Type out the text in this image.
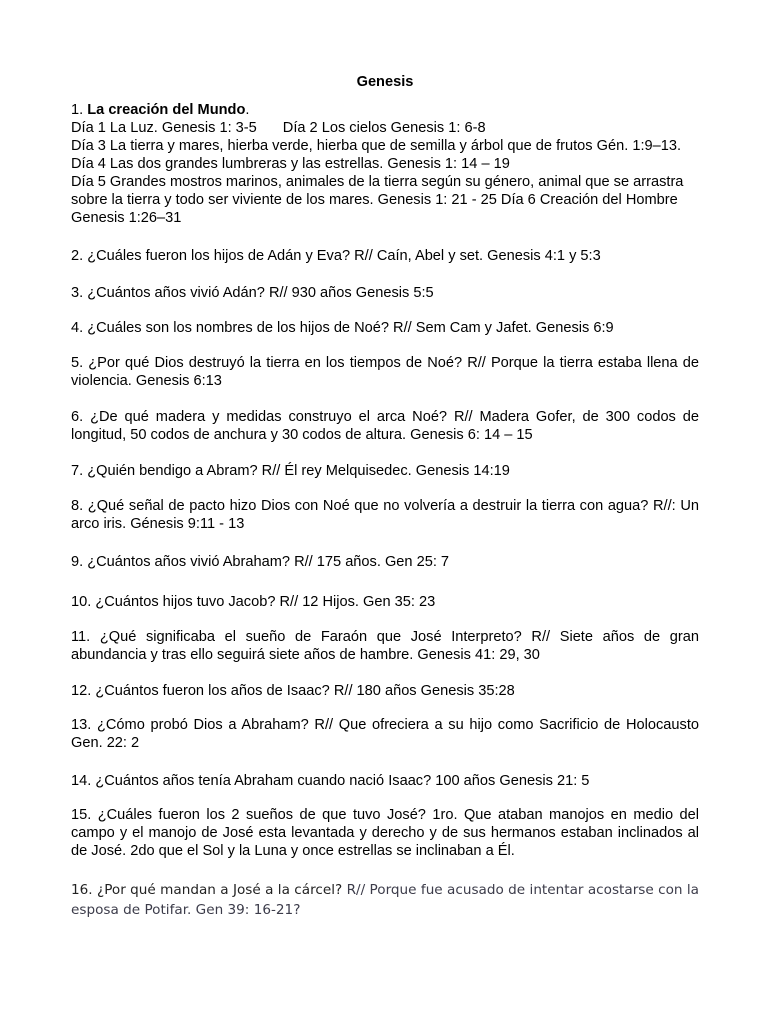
Genesis
1. La creación del Mundo.
Día 1 La Luz. Genesis 1: 3-5 Día 2 Los cielos Genesis 1: 6-8
Día 3 La tierra y mares, hierba verde, hierba que de semilla y árbol que de frutos Gén. 1:9–13.
Día 4 Las dos grandes lumbreras y las estrellas. Genesis 1: 14 – 19
Día 5 Grandes mostros marinos, animales de la tierra según su género, animal que se arrastra
sobre la tierra y todo ser viviente de los mares. Genesis 1: 21 - 25 Día 6 Creación del Hombre
Genesis 1:26–31

2. ¿Cuáles fueron los hijos de Adán y Eva? R// Caín, Abel y set. Genesis 4:1 y 5:3

3. ¿Cuántos años vivió Adán? R// 930 años Genesis 5:5

4. ¿Cuáles son los nombres de los hijos de Noé? R// Sem Cam y Jafet. Genesis 6:9

5. ¿Por qué Dios destruyó la tierra en los tiempos de Noé? R// Porque la tierra estaba llena de violencia. Genesis 6:13

6. ¿De qué madera y medidas construyo el arca Noé? R// Madera Gofer, de 300 codos de longitud, 50 codos de anchura y 30 codos de altura. Genesis 6: 14 – 15

7. ¿Quién bendigo a Abram? R// Él rey Melquisedec. Genesis 14:19

8. ¿Qué señal de pacto hizo Dios con Noé que no volvería a destruir la tierra con agua? R//: Un arco iris. Génesis 9:11 - 13

9. ¿Cuántos años vivió Abraham? R// 175 años. Gen 25: 7

10. ¿Cuántos hijos tuvo Jacob? R// 12 Hijos. Gen 35: 23

11. ¿Qué significaba el sueño de Faraón que José Interpreto? R// Siete años de gran abundancia y tras ello seguirá siete años de hambre. Genesis 41: 29, 30

12. ¿Cuántos fueron los años de Isaac? R// 180 años Genesis 35:28

13. ¿Cómo probó Dios a Abraham? R// Que ofreciera a su hijo como Sacrificio de Holocausto Gen. 22: 2

14. ¿Cuántos años tenía Abraham cuando nació Isaac? 100 años Genesis 21: 5

15. ¿Cuáles fueron los 2 sueños de que tuvo José? 1ro. Que ataban manojos en medio del campo y el manojo de José esta levantada y derecho y de sus hermanos estaban inclinados al de José. 2do que el Sol y la Luna y once estrellas se inclinaban a Él.

16. ¿Por qué mandan a José a la cárcel? R// Porque fue acusado de intentar acostarse con la esposa de Potifar. Gen 39: 16-21?
